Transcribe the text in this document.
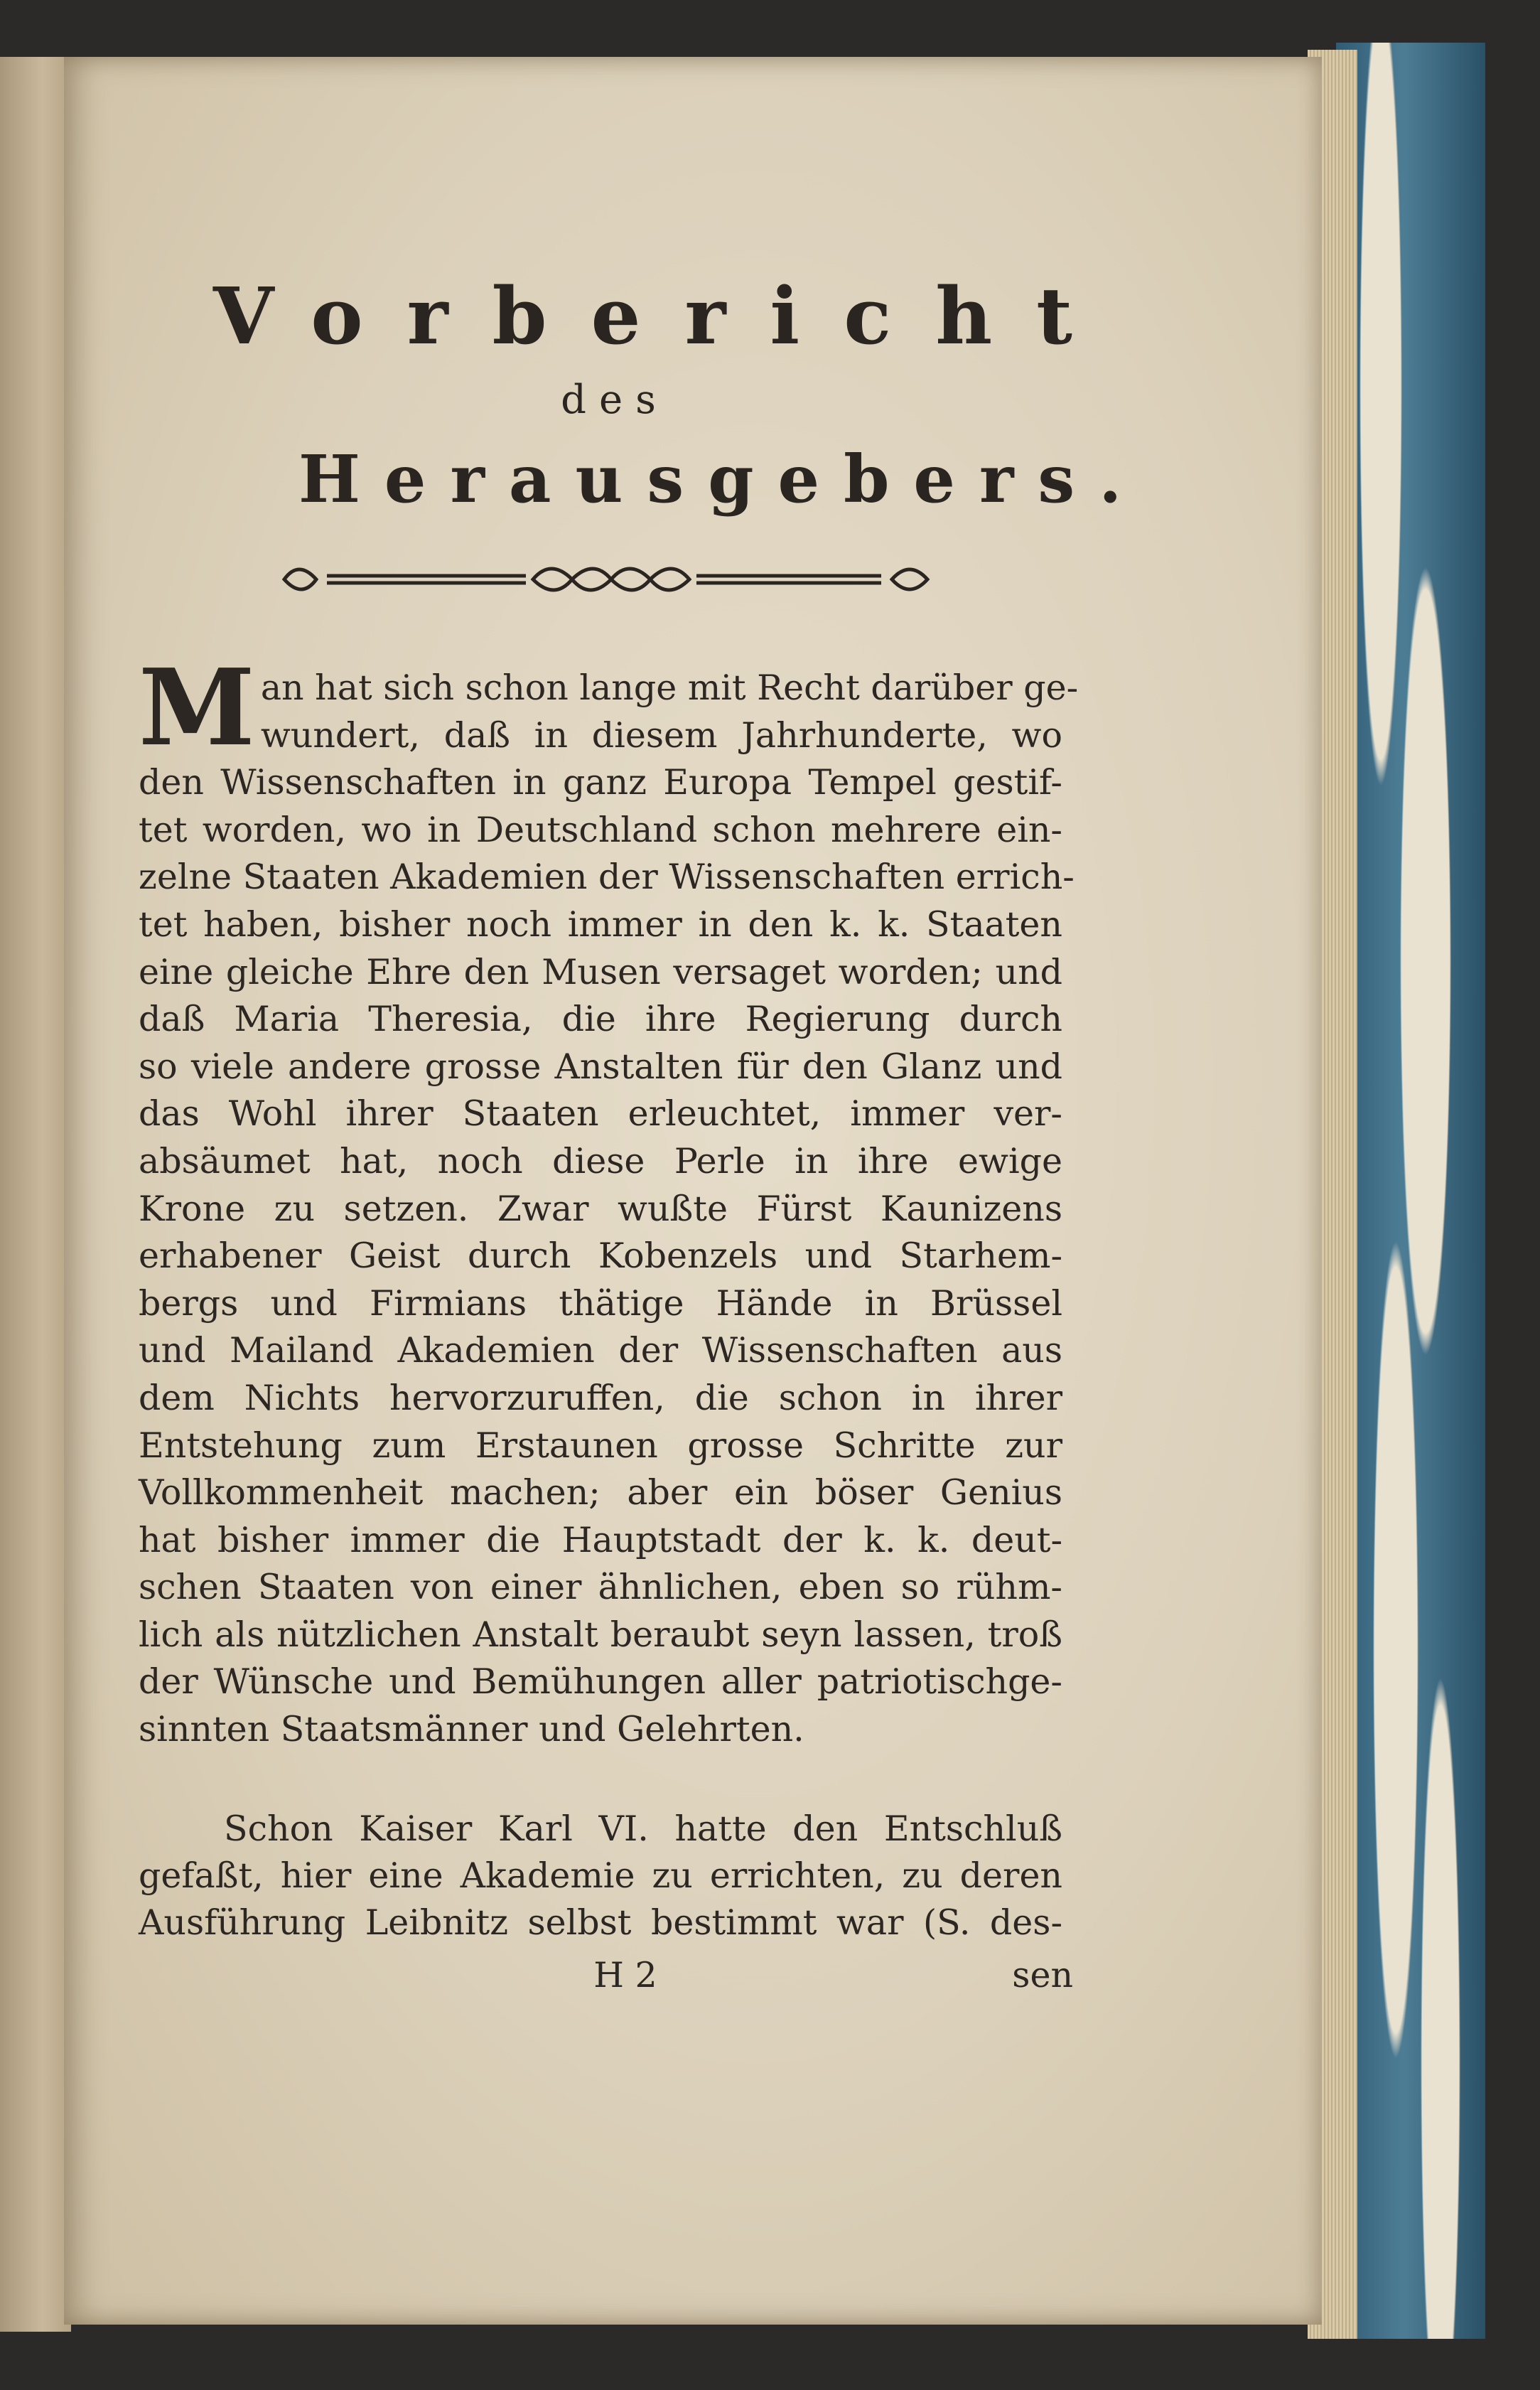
Vorbericht
des
Herausgebers.
M an hat sich schon lange mit Recht darüber ge-
wundert, daß in diesem Jahrhunderte, wo
den Wissenschaften in ganz Europa Tempel gestif-
tet worden, wo in Deutschland schon mehrere ein-
zelne Staaten Akademien der Wissenschaften errich-
tet haben, bisher noch immer in den k. k. Staaten
eine gleiche Ehre den Musen versaget worden; und
daß Maria Theresia, die ihre Regierung durch
so viele andere grosse Anstalten für den Glanz und
das Wohl ihrer Staaten erleuchtet, immer ver-
absäumet hat, noch diese Perle in ihre ewige
Krone zu setzen. Zwar wußte Fürst Kaunizens
erhabener Geist durch Kobenzels und Starhem-
bergs und Firmians thätige Hände in Brüssel
und Mailand Akademien der Wissenschaften aus
dem Nichts hervorzuruffen, die schon in ihrer
Entstehung zum Erstaunen grosse Schritte zur
Vollkommenheit machen; aber ein böser Genius
hat bisher immer die Hauptstadt der k. k. deut-
schen Staaten von einer ähnlichen, eben so rühm-
lich als nützlichen Anstalt beraubt seyn lassen, troß
der Wünsche und Bemühungen aller patriotischge-
sinnten Staatsmänner und Gelehrten.
Schon Kaiser Karl VI. hatte den Entschluß
gefaßt, hier eine Akademie zu errichten, zu deren
Ausführung Leibnitz selbst bestimmt war (S. des-
H 2	sen
